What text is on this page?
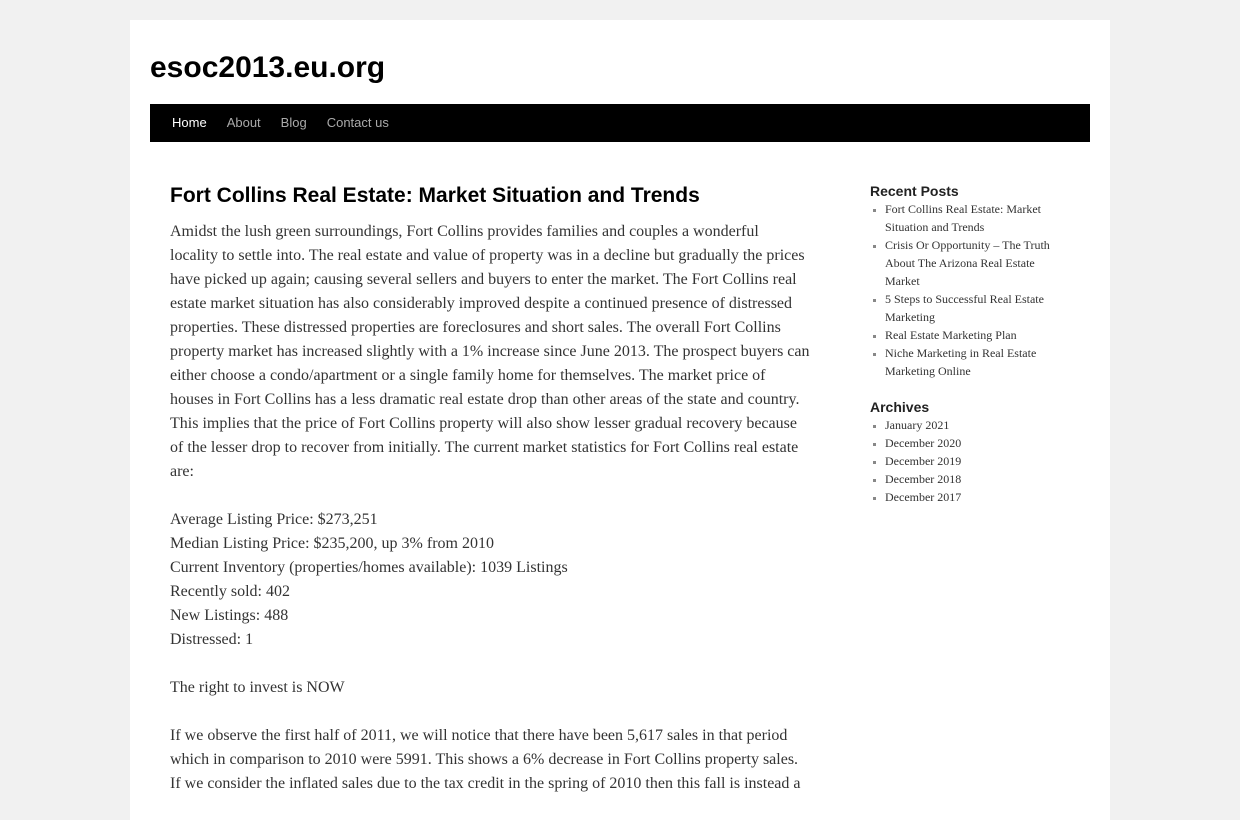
esoc2013.eu.org
Home	About	Blog	Contact us
Fort Collins Real Estate: Market Situation and Trends

Amidst the lush green surroundings, Fort Collins provides families and couples a wonderful locality to settle into. The real estate and value of property was in a decline but gradually the prices have picked up again; causing several sellers and buyers to enter the market. The Fort Collins real estate market situation has also considerably improved despite a continued presence of distressed properties. These distressed properties are foreclosures and short sales. The overall Fort Collins property market has increased slightly with a 1% increase since June 2013. The prospect buyers can either choose a condo/apartment or a single family home for themselves. The market price of houses in Fort Collins has a less dramatic real estate drop than other areas of the state and country. This implies that the price of Fort Collins property will also show lesser gradual recovery because of the lesser drop to recover from initially. The current market statistics for Fort Collins real estate are:

Average Listing Price: $273,251
Median Listing Price: $235,200, up 3% from 2010
Current Inventory (properties/homes available): 1039 Listings
Recently sold: 402
New Listings: 488
Distressed: 1

The right to invest is NOW

If we observe the first half of 2011, we will notice that there have been 5,617 sales in that period which in comparison to 2010 were 5991. This shows a 6% decrease in Fort Collins property sales. If we consider the inflated sales due to the tax credit in the spring of 2010 then this fall is instead a

Recent Posts
▪ Fort Collins Real Estate: Market Situation and Trends
▪ Crisis Or Opportunity – The Truth About The Arizona Real Estate Market
▪ 5 Steps to Successful Real Estate Marketing
▪ Real Estate Marketing Plan
▪ Niche Marketing in Real Estate Marketing Online
Archives
▪ January 2021
▪ December 2020
▪ December 2019
▪ December 2018
▪ December 2017
